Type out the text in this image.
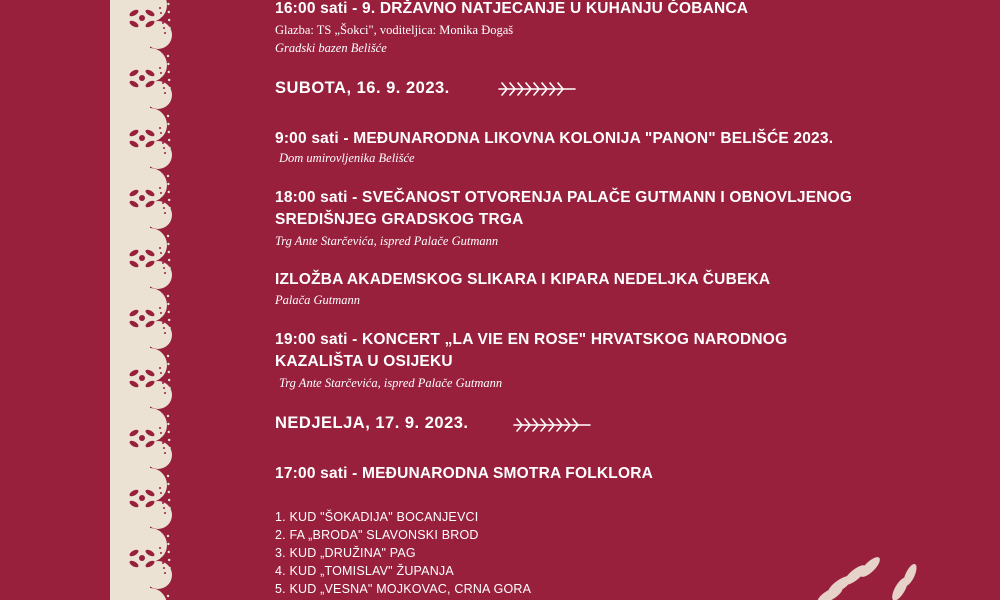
16:00 sati - 9. DRŽAVNO NATJECANJE U KUHANJU ČOBANCA
Glazba: TS „Šokci", voditeljica: Monika Đogaš
Gradski bazen Belišće
SUBOTA, 16. 9. 2023.
9:00 sati - MEĐUNARODNA LIKOVNA KOLONIJA "PANON" BELIŠĆE 2023.
Dom umirovljenika Belišće
18:00 sati - SVEČANOST OTVORENJA PALAČE GUTMANN I OBNOVLJENOG
SREDIŠNJEG GRADSKOG TRGA
Trg Ante Starčevića, ispred Palače Gutmann
IZLOŽBA AKADEMSKOG SLIKARA I KIPARA NEDELJKA ČUBEKA
Palača Gutmann
19:00 sati - KONCERT „LA VIE EN ROSE" HRVATSKOG NARODNOG
KAZALIŠTA U OSIJEKU
Trg Ante Starčevića, ispred Palače Gutmann
NEDJELJA, 17. 9. 2023.
17:00 sati - MEĐUNARODNA SMOTRA FOLKLORA
1. KUD "ŠOKADIJA" BOCANJEVCI
2. FA „BRODA" SLAVONSKI BROD
3. KUD „DRUŽINA" PAG
4. KUD „TOMISLAV" ŽUPANJA
5. KUD „VESNA" MOJKOVAC, CRNA GORA
